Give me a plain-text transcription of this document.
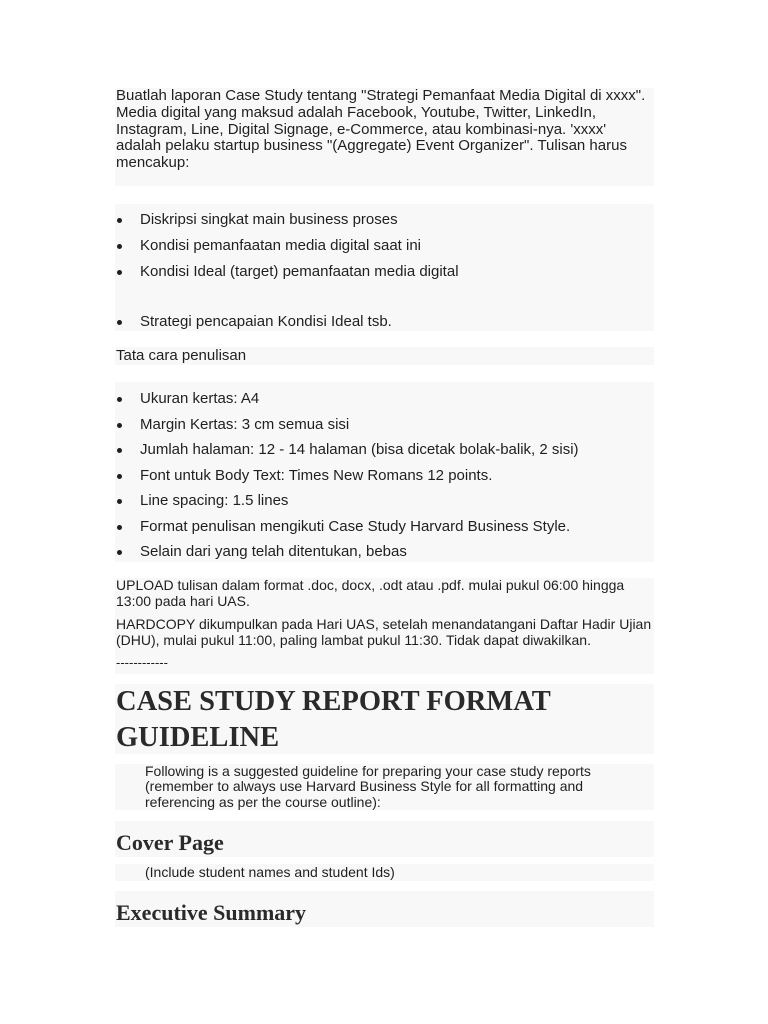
Buatlah laporan Case Study tentang "Strategi Pemanfaat Media Digital di xxxx". Media digital yang maksud adalah Facebook, Youtube, Twitter, LinkedIn, Instagram, Line, Digital Signage, e-Commerce, atau kombinasi-nya. 'xxxx' adalah pelaku startup business "(Aggregate) Event Organizer". Tulisan harus mencakup:
Diskripsi singkat main business proses
Kondisi pemanfaatan media digital saat ini
Kondisi Ideal (target) pemanfaatan media digital
Strategi pencapaian Kondisi Ideal tsb.
Tata cara penulisan
Ukuran kertas: A4
Margin Kertas: 3 cm semua sisi
Jumlah halaman: 12 - 14 halaman (bisa dicetak bolak-balik, 2 sisi)
Font untuk Body Text: Times New Romans 12 points.
Line spacing: 1.5 lines
Format penulisan mengikuti Case Study Harvard Business Style.
Selain dari yang telah ditentukan, bebas

UPLOAD tulisan dalam format .doc, docx, .odt atau .pdf. mulai pukul 06:00 hingga 13:00 pada hari UAS.

HARDCOPY dikumpulkan pada Hari UAS, setelah menandatangani Daftar Hadir Ujian (DHU), mulai pukul 11:00, paling lambat pukul 11:30. Tidak dapat diwakilkan.

------------
CASE STUDY REPORT FORMAT GUIDELINE
Following is a suggested guideline for preparing your case study reports (remember to always use Harvard Business Style for all formatting and referencing as per the course outline):
Cover Page
(Include student names and student Ids)
Executive Summary
